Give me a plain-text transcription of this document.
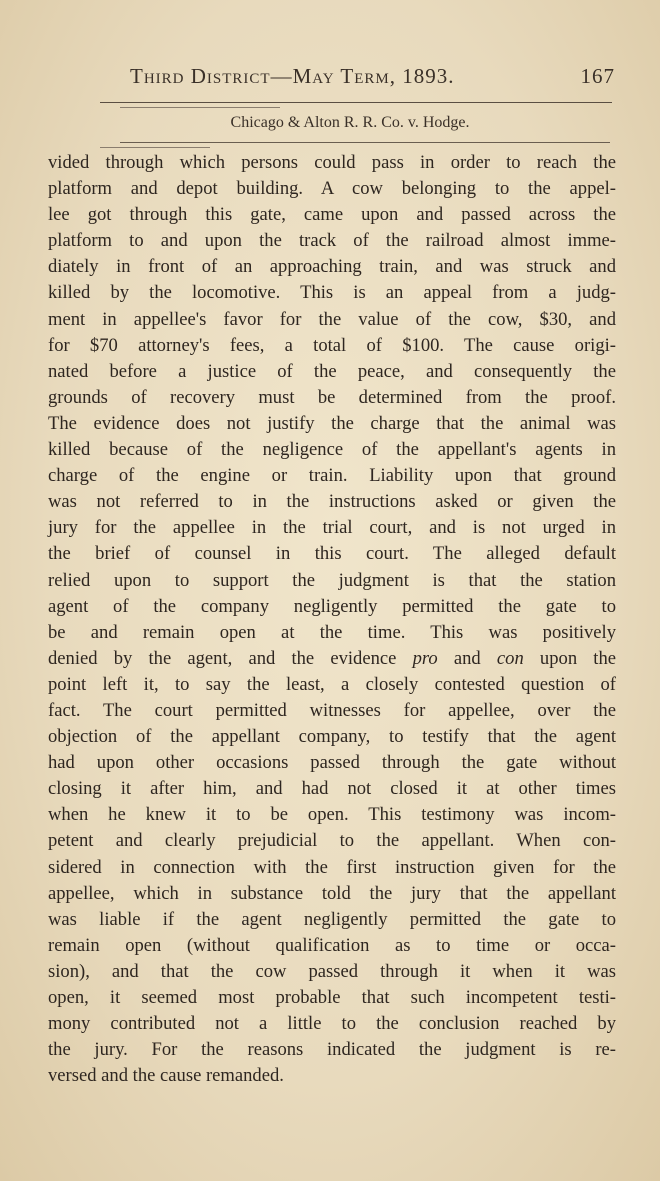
Third District—May Term, 1893.	167
Chicago & Alton R. R. Co. v. Hodge.
vided through which persons could pass in order to reach the
platform and depot building. A cow belonging to the appel-
lee got through this gate, came upon and passed across the
platform to and upon the track of the railroad almost imme-
diately in front of an approaching train, and was struck and
killed by the locomotive. This is an appeal from a judg-
ment in appellee's favor for the value of the cow, $30, and
for $70 attorney's fees, a total of $100. The cause origi-
nated before a justice of the peace, and consequently the
grounds of recovery must be determined from the proof.
The evidence does not justify the charge that the animal was
killed because of the negligence of the appellant's agents in
charge of the engine or train. Liability upon that ground
was not referred to in the instructions asked or given the
jury for the appellee in the trial court, and is not urged in
the brief of counsel in this court. The alleged default
relied upon to support the judgment is that the station
agent of the company negligently permitted the gate to
be and remain open at the time. This was positively
denied by the agent, and the evidence pro and con upon the
point left it, to say the least, a closely contested question of
fact. The court permitted witnesses for appellee, over the
objection of the appellant company, to testify that the agent
had upon other occasions passed through the gate without
closing it after him, and had not closed it at other times
when he knew it to be open. This testimony was incom-
petent and clearly prejudicial to the appellant. When con-
sidered in connection with the first instruction given for the
appellee, which in substance told the jury that the appellant
was liable if the agent negligently permitted the gate to
remain open (without qualification as to time or occa-
sion), and that the cow passed through it when it was
open, it seemed most probable that such incompetent testi-
mony contributed not a little to the conclusion reached by
the jury. For the reasons indicated the judgment is re-
versed and the cause remanded.
